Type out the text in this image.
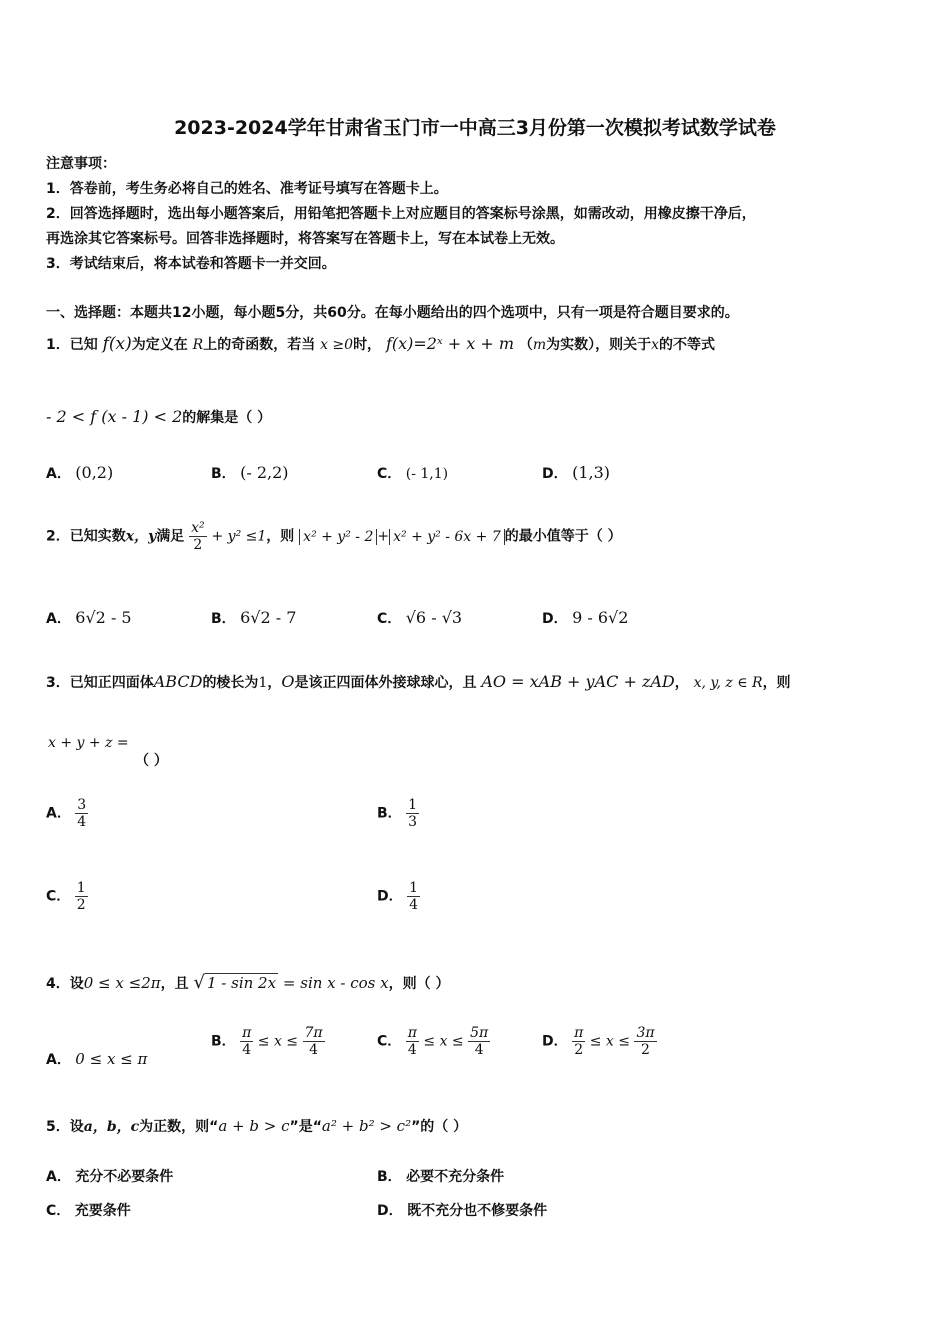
2023-2024学年甘肃省玉门市一中高三3月份第一次模拟考试数学试卷
注意事项：
1．答卷前，考生务必将自己的姓名、准考证号填写在答题卡上。
2．回答选择题时，选出每小题答案后，用铅笔把答题卡上对应题目的答案标号涂黑，如需改动，用橡皮擦干净后，
再选涂其它答案标号。回答非选择题时，将答案写在答题卡上，写在本试卷上无效。
3．考试结束后，将本试卷和答题卡一并交回。
一、选择题：本题共12小题，每小题5分，共60分。在每小题给出的四个选项中，只有一项是符合题目要求的。
1．已知 f(x)为定义在 R上的奇函数，若当 x ≥0时， f(x)=2ˣ + x + m （m为实数），则关于x的不等式
- 2 < f (x - 1) < 2的解集是（ ）
A． (0,2)	B． (- 2,2)	C． (- 1,1)	D． (1,3)
2．已知实数x，y满足 $\frac{\text{x²}}{2} + y^2 \le 1$，则 x² + y² - 2 + x² + y² - 6x + 7 的最小值等于（ ）
A． 6√2 - 5	B． 6√2 - 7	C． √6 - √3	D． 9 - 6√2
3．已知正四面体ABCD的棱长为1，O是该正四面体外接球球心，且 AO = xAB + yAC + zAD， x, y, z ∈ R，则
x + y + z =
（ ）
A． $\frac{3}{4}$	B． $\frac{1}{3}$
C． $\frac{1}{2}$	D． $\frac{1}{4}$
4．设0 ≤ x ≤2π，且 √ 1 - sin 2x = sin x - cos x，则（ ）
A． 0 ≤ x ≤ π
B． $\frac{\pi}{4} \le x \le \frac{7\pi}{4}$	C． $\frac{\pi}{4} \le x \le \frac{5\pi}{4}$	D． $\frac{\pi}{2} \le x \le \frac{3\pi}{2}$
5．设a，b，c为正数，则“a + b > c”是“a² + b² > c²”的（ ）
A． 充分不必要条件	B． 必要不充分条件
C． 充要条件	D． 既不充分也不修要条件
